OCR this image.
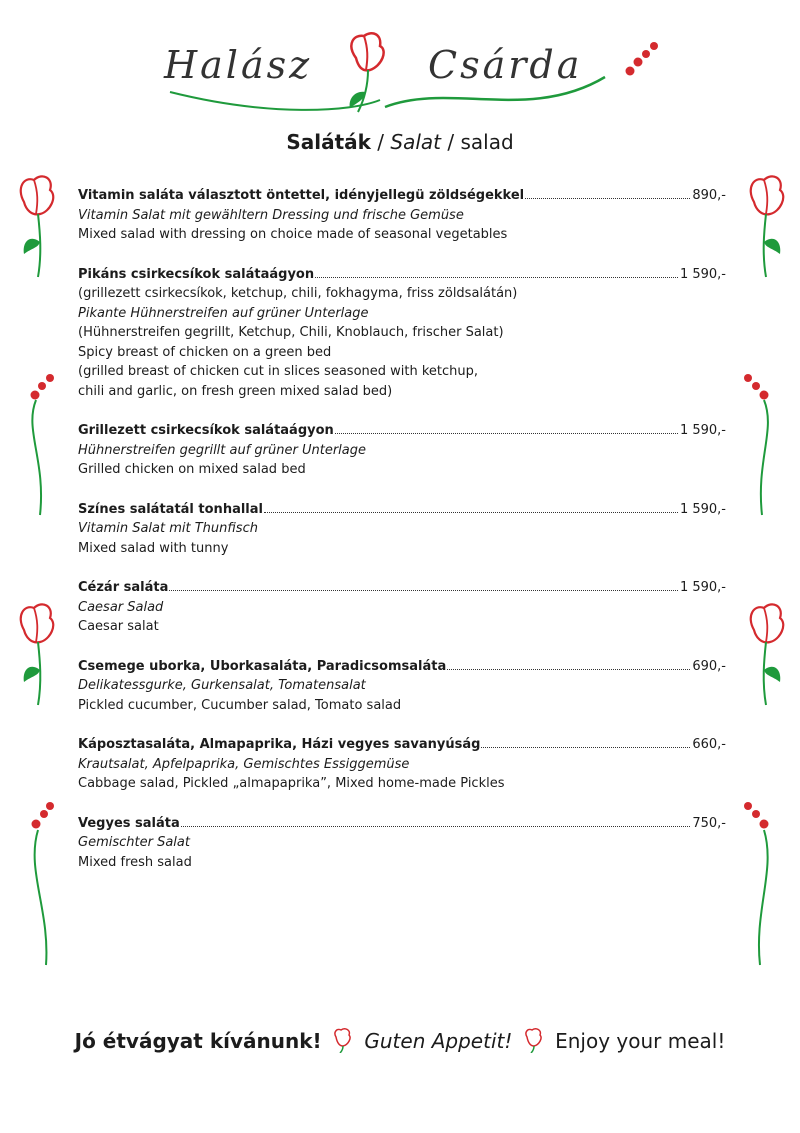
Halász	Csárda
Saláták / Salat / salad
Vitamin saláta választott öntettel, idényjellegü zöldségekkel	890,-
Vitamin Salat mit gewähltern Dressing und frische Gemüse
Mixed salad with dressing on choice made of seasonal vegetables
Pikáns csirkecsíkok salátaágyon	1 590,-
(grillezett csirkecsíkok, ketchup, chili, fokhagyma, friss zöldsalátán)
Pikante Hühnerstreifen auf grüner Unterlage
(Hühnerstreifen gegrillt, Ketchup, Chili, Knoblauch, frischer Salat)
Spicy breast of chicken on a green bed
(grilled breast of chicken cut in slices seasoned with ketchup,
chili and garlic, on fresh green mixed salad bed)
Grillezett csirkecsíkok salátaágyon	1 590,-
Hühnerstreifen gegrillt auf grüner Unterlage
Grilled chicken on mixed salad bed
Színes salátatál tonhallal	1 590,-
Vitamin Salat mit Thunfisch
Mixed salad with tunny
Cézár saláta	1 590,-
Caesar Salad
Caesar salat
Csemege uborka, Uborkasaláta, Paradicsomsaláta	690,-
Delikatessgurke, Gurkensalat, Tomatensalat
Pickled cucumber, Cucumber salad, Tomato salad
Káposztasaláta, Almapaprika, Házi vegyes savanyúság	660,-
Krautsalat, Apfelpaprika, Gemischtes Essiggemüse
Cabbage salad, Pickled „almapaprika”, Mixed home-made Pickles
Vegyes saláta	750,-
Gemischter Salat
Mixed fresh salad
Jó étvágyat kívánunk! Guten Appetit! Enjoy your meal!
